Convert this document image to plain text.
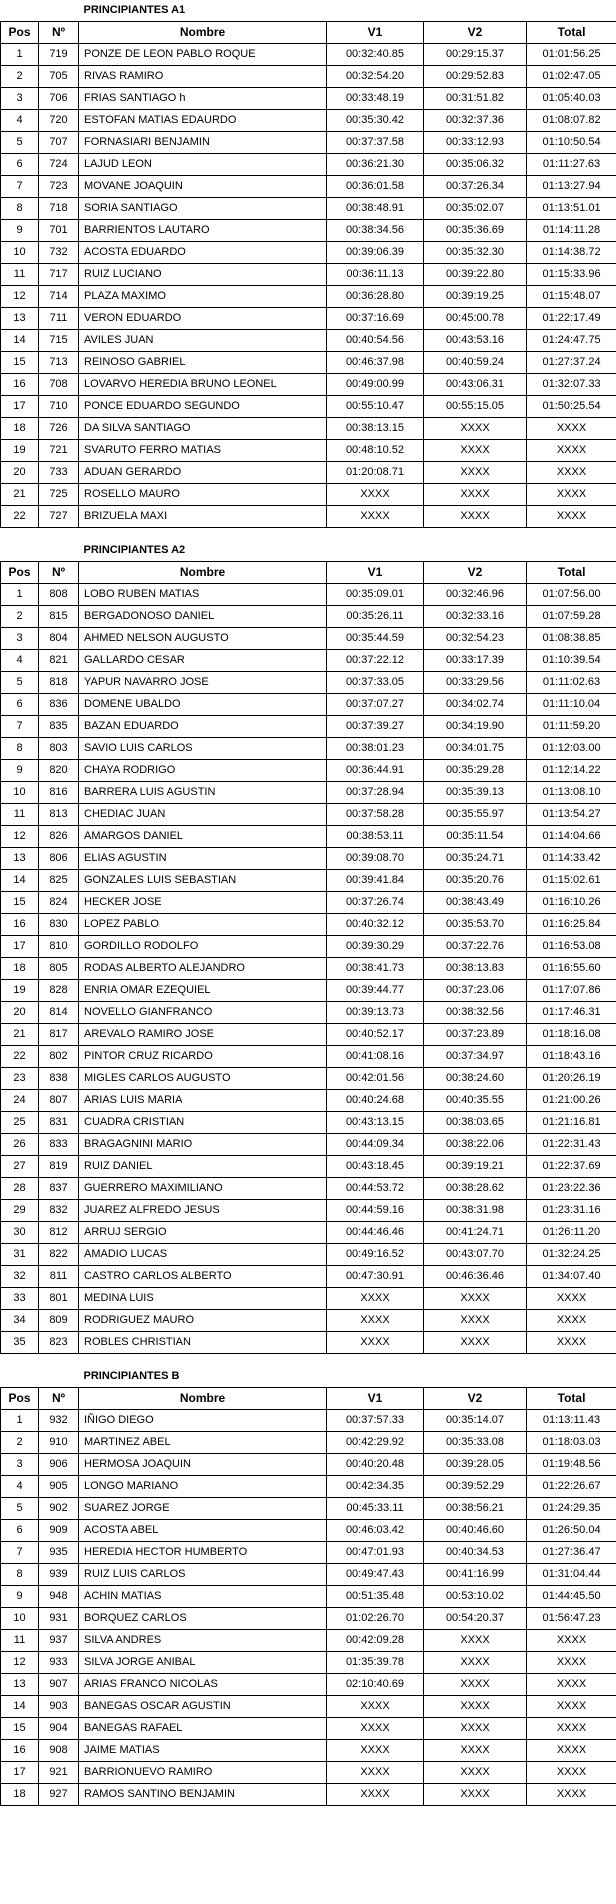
		PRINCIPIANTES A1			
Pos	Nº	Nombre	V1	V2	Total
1	719	PONZE DE LEON PABLO ROQUE	00:32:40.85	00:29:15.37	01:01:56.25
2	705	RIVAS RAMIRO	00:32:54.20	00:29:52.83	01:02:47.05
3	706	FRIAS SANTIAGO h	00:33:48.19	00:31:51.82	01:05:40.03
4	720	ESTOFAN MATIAS EDAURDO	00:35:30.42	00:32:37.36	01:08:07.82
5	707	FORNASIARI BENJAMIN	00:37:37.58	00:33:12.93	01:10:50.54
6	724	LAJUD LEON	00:36:21.30	00:35:06.32	01:11:27.63
7	723	MOVANE JOAQUIN	00:36:01.58	00:37:26.34	01:13:27.94
8	718	SORIA SANTIAGO	00:38:48.91	00:35:02.07	01:13:51.01
9	701	BARRIENTOS LAUTARO	00:38:34.56	00:35:36.69	01:14:11.28
10	732	ACOSTA EDUARDO	00:39:06.39	00:35:32.30	01:14:38.72
11	717	RUIZ LUCIANO	00:36:11.13	00:39:22.80	01:15:33.96
12	714	PLAZA MAXIMO	00:36:28.80	00:39:19.25	01:15:48.07
13	711	VERON EDUARDO	00:37:16.69	00:45:00.78	01:22:17.49
14	715	AVILES JUAN	00:40:54.56	00:43:53.16	01:24:47.75
15	713	REINOSO GABRIEL	00:46:37.98	00:40:59.24	01:27:37.24
16	708	LOVARVO HEREDIA BRUNO LEONEL	00:49:00.99	00:43:06.31	01:32:07.33
17	710	PONCE EDUARDO SEGUNDO	00:55:10.47	00:55:15.05	01:50:25.54
18	726	DA SILVA SANTIAGO	00:38:13.15	XXXX	XXXX
19	721	SVARUTO FERRO MATIAS	00:48:10.52	XXXX	XXXX
20	733	ADUAN GERARDO	01:20:08.71	XXXX	XXXX
21	725	ROSELLO MAURO	XXXX	XXXX	XXXX
22	727	BRIZUELA MAXI	XXXX	XXXX	XXXX

		PRINCIPIANTES A2			
Pos	Nº	Nombre	V1	V2	Total
1	808	LOBO RUBEN MATIAS	00:35:09.01	00:32:46.96	01:07:56.00
2	815	BERGADONOSO DANIEL	00:35:26.11	00:32:33.16	01:07:59.28
3	804	AHMED NELSON AUGUSTO	00:35:44.59	00:32:54.23	01:08:38.85
4	821	GALLARDO CESAR	00:37:22.12	00:33:17.39	01:10:39.54
5	818	YAPUR NAVARRO JOSE	00:37:33.05	00:33:29.56	01:11:02.63
6	836	DOMENE UBALDO	00:37:07.27	00:34:02.74	01:11:10.04
7	835	BAZAN EDUARDO	00:37:39.27	00:34:19.90	01:11:59.20
8	803	SAVIO LUIS CARLOS	00:38:01.23	00:34:01.75	01:12:03.00
9	820	CHAYA RODRIGO	00:36:44.91	00:35:29.28	01:12:14.22
10	816	BARRERA LUIS AGUSTIN	00:37:28.94	00:35:39.13	01:13:08.10
11	813	CHEDIAC JUAN	00:37:58.28	00:35:55.97	01:13:54.27
12	826	AMARGOS DANIEL	00:38:53.11	00:35:11.54	01:14:04.66
13	806	ELIAS AGUSTIN	00:39:08.70	00:35:24.71	01:14:33.42
14	825	GONZALES LUIS SEBASTIAN	00:39:41.84	00:35:20.76	01:15:02.61
15	824	HECKER JOSE	00:37:26.74	00:38:43.49	01:16:10.26
16	830	LOPEZ PABLO	00:40:32.12	00:35:53.70	01:16:25.84
17	810	GORDILLO RODOLFO	00:39:30.29	00:37:22.76	01:16:53.08
18	805	RODAS ALBERTO ALEJANDRO	00:38:41.73	00:38:13.83	01:16:55.60
19	828	ENRIA OMAR EZEQUIEL	00:39:44.77	00:37:23.06	01:17:07.86
20	814	NOVELLO GIANFRANCO	00:39:13.73	00:38:32.56	01:17:46.31
21	817	AREVALO RAMIRO JOSE	00:40:52.17	00:37:23.89	01:18:16.08
22	802	PINTOR CRUZ RICARDO	00:41:08.16	00:37:34.97	01:18:43.16
23	838	MIGLES CARLOS AUGUSTO	00:42:01.56	00:38:24.60	01:20:26.19
24	807	ARIAS LUIS MARIA	00:40:24.68	00:40:35.55	01:21:00.26
25	831	CUADRA CRISTIAN	00:43:13.15	00:38:03.65	01:21:16.81
26	833	BRAGAGNINI MARIO	00:44:09.34	00:38:22.06	01:22:31.43
27	819	RUIZ DANIEL	00:43:18.45	00:39:19.21	01:22:37.69
28	837	GUERRERO MAXIMILIANO	00:44:53.72	00:38:28.62	01:23:22.36
29	832	JUAREZ ALFREDO JESUS	00:44:59.16	00:38:31.98	01:23:31.16
30	812	ARRUJ SERGIO	00:44:46.46	00:41:24.71	01:26:11.20
31	822	AMADIO LUCAS	00:49:16.52	00:43:07.70	01:32:24.25
32	811	CASTRO CARLOS ALBERTO	00:47:30.91	00:46:36.46	01:34:07.40
33	801	MEDINA LUIS	XXXX	XXXX	XXXX
34	809	RODRIGUEZ MAURO	XXXX	XXXX	XXXX
35	823	ROBLES CHRISTIAN	XXXX	XXXX	XXXX

		PRINCIPIANTES B			
Pos	Nº	Nombre	V1	V2	Total
1	932	IÑIGO DIEGO	00:37:57.33	00:35:14.07	01:13:11.43
2	910	MARTINEZ ABEL	00:42:29.92	00:35:33.08	01:18:03.03
3	906	HERMOSA JOAQUIN	00:40:20.48	00:39:28.05	01:19:48.56
4	905	LONGO MARIANO	00:42:34.35	00:39:52.29	01:22:26.67
5	902	SUAREZ JORGE	00:45:33.11	00:38:56.21	01:24:29.35
6	909	ACOSTA ABEL	00:46:03.42	00:40:46.60	01:26:50.04
7	935	HEREDIA HECTOR HUMBERTO	00:47:01.93	00:40:34.53	01:27:36.47
8	939	RUIZ LUIS CARLOS	00:49:47.43	00:41:16.99	01:31:04.44
9	948	ACHIN MATIAS	00:51:35.48	00:53:10.02	01:44:45.50
10	931	BORQUEZ CARLOS	01:02:26.70	00:54:20.37	01:56:47.23
11	937	SILVA ANDRES	00:42:09.28	XXXX	XXXX
12	933	SILVA JORGE ANIBAL	01:35:39.78	XXXX	XXXX
13	907	ARIAS FRANCO NICOLAS	02:10:40.69	XXXX	XXXX
14	903	BANEGAS OSCAR AGUSTIN	XXXX	XXXX	XXXX
15	904	BANEGAS RAFAEL	XXXX	XXXX	XXXX
16	908	JAIME MATIAS	XXXX	XXXX	XXXX
17	921	BARRIONUEVO RAMIRO	XXXX	XXXX	XXXX
18	927	RAMOS SANTINO BENJAMIN	XXXX	XXXX	XXXX
